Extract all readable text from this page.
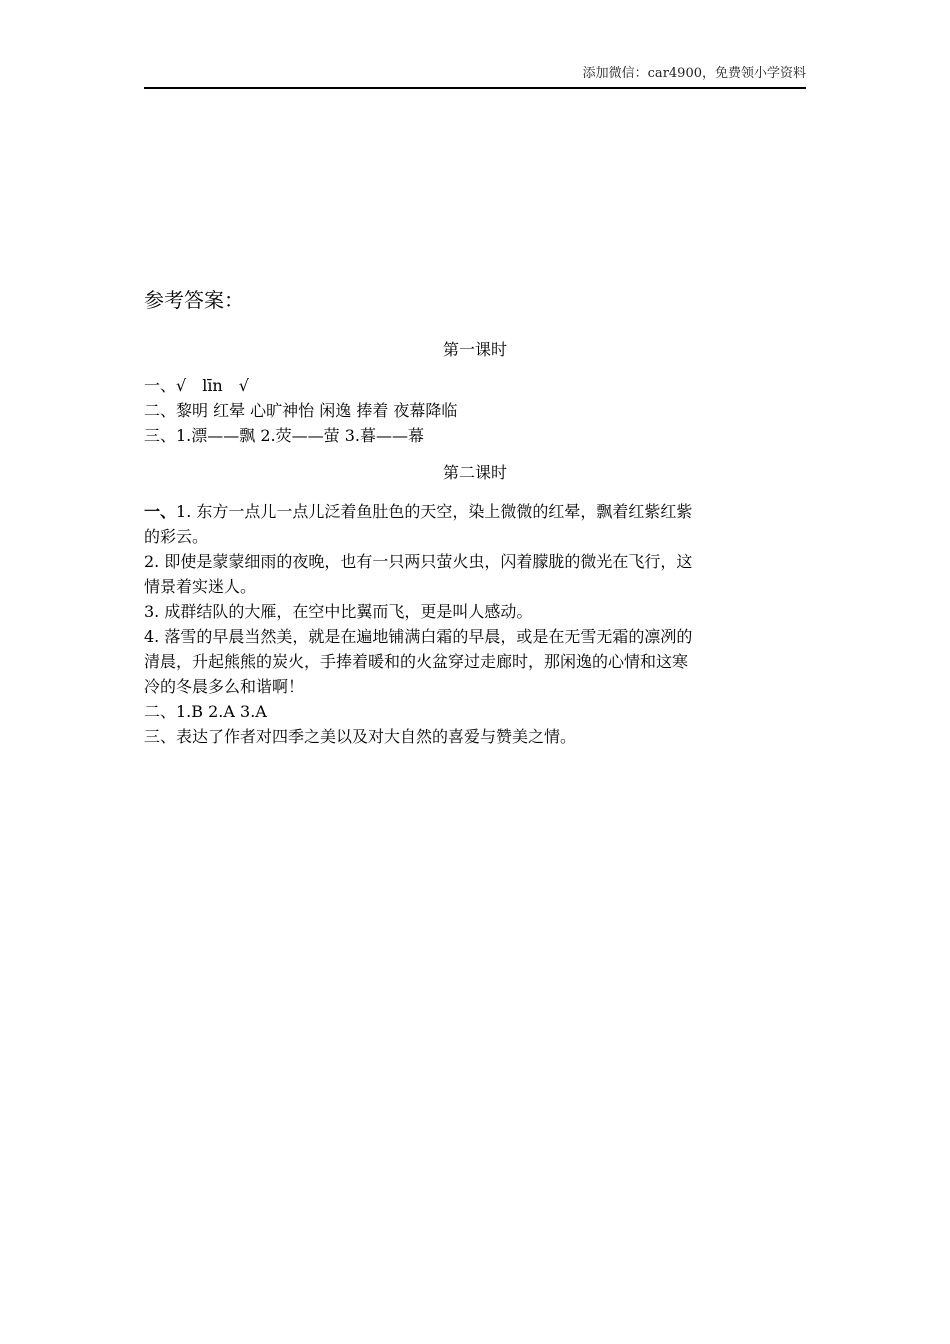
添加微信：car4900，免费领小学资料
参考答案：
第一课时
一、√　līn　√
二、黎明 红晕 心旷神怡 闲逸 捧着 夜幕降临
三、1.漂——飘 2.荧——萤 3.暮——幕
第二课时
一、1. 东方一点儿一点儿泛着鱼肚色的天空，染上微微的红晕，飘着红紫红紫
的彩云。
2. 即使是蒙蒙细雨的夜晚，也有一只两只萤火虫，闪着朦胧的微光在飞行，这
情景着实迷人。
3. 成群结队的大雁，在空中比翼而飞，更是叫人感动。
4. 落雪的早晨当然美，就是在遍地铺满白霜的早晨，或是在无雪无霜的凛冽的
清晨，升起熊熊的炭火，手捧着暖和的火盆穿过走廊时，那闲逸的心情和这寒
冷的冬晨多么和谐啊！
二、1.B 2.A 3.A
三、表达了作者对四季之美以及对大自然的喜爱与赞美之情。
